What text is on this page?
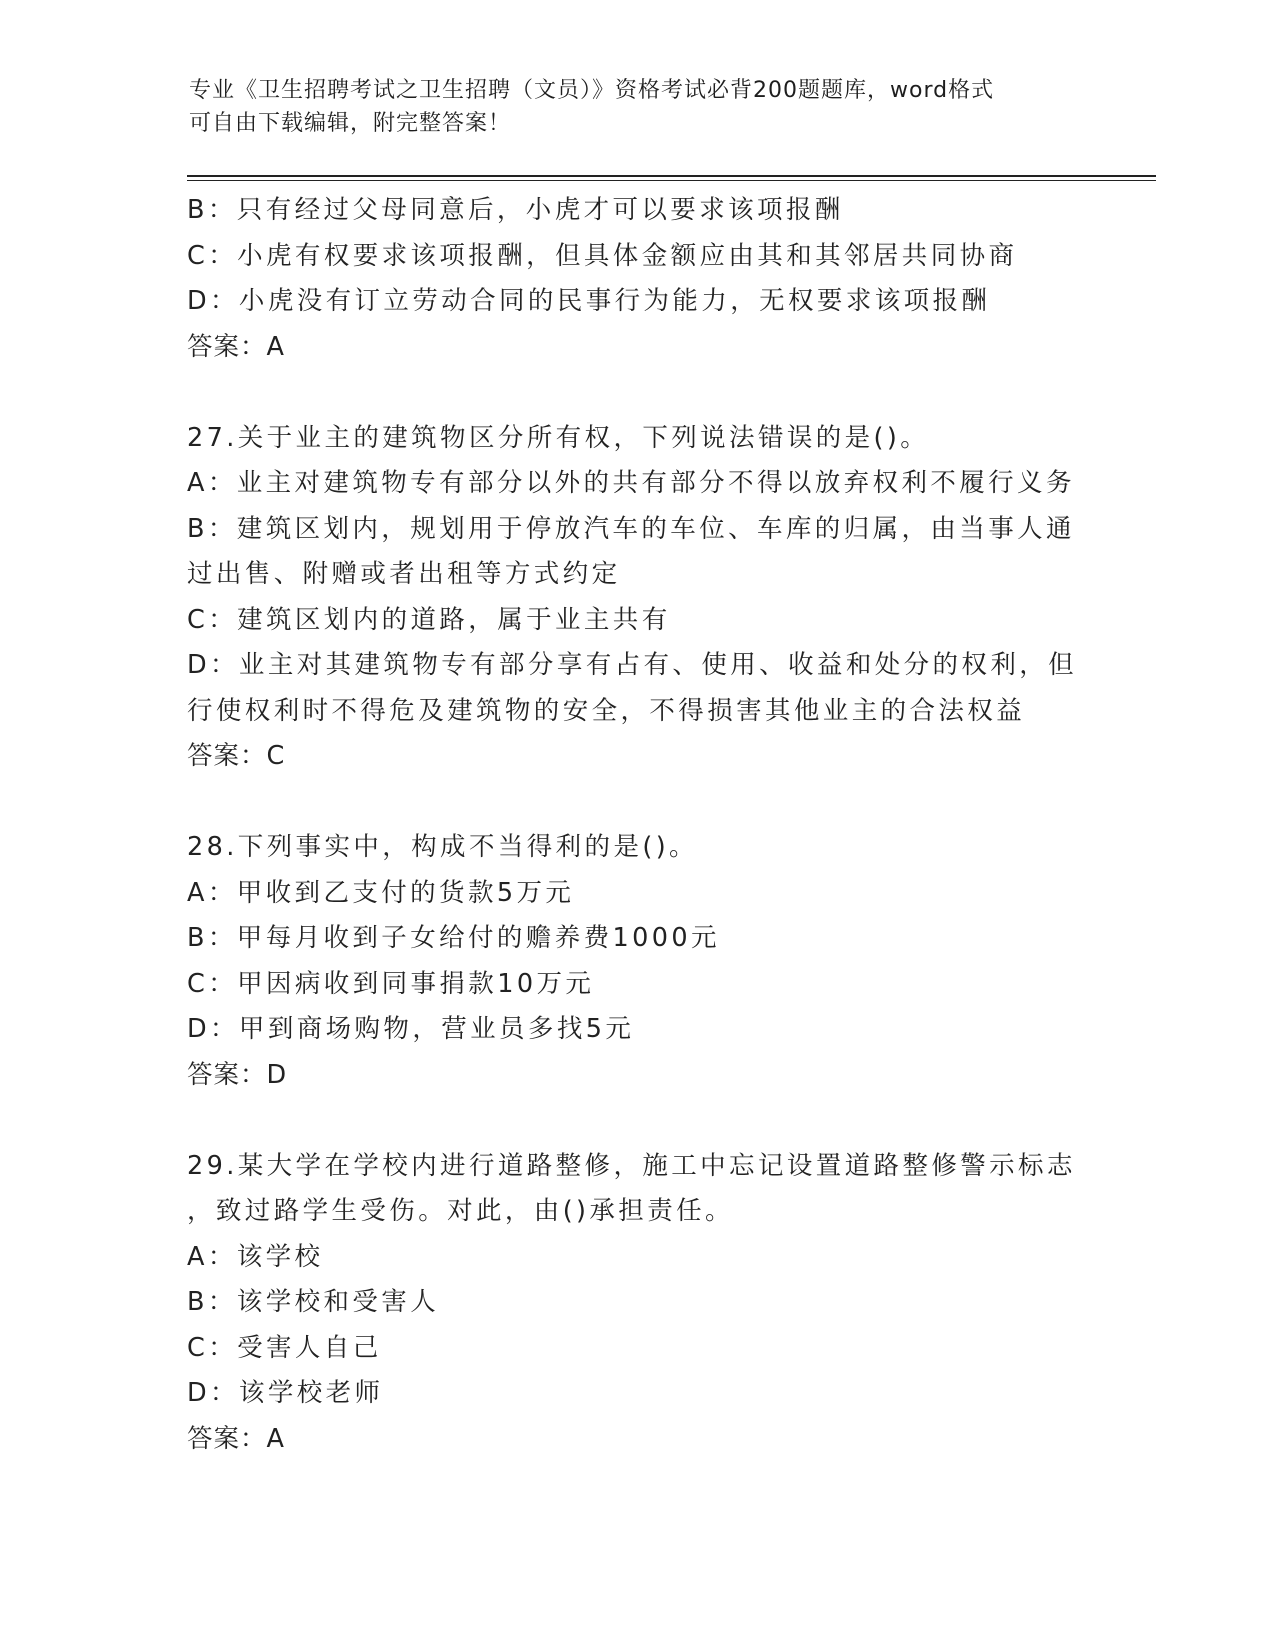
专业《卫生招聘考试之卫生招聘（文员）》资格考试必背200题题库，word格式
可自由下载编辑，附完整答案！
B：只有经过父母同意后，小虎才可以要求该项报酬
C：小虎有权要求该项报酬，但具体金额应由其和其邻居共同协商
D：小虎没有订立劳动合同的民事行为能力，无权要求该项报酬
答案：A
27.关于业主的建筑物区分所有权，下列说法错误的是()。
A：业主对建筑物专有部分以外的共有部分不得以放弃权利不履行义务
B：建筑区划内，规划用于停放汽车的车位、车库的归属，由当事人通
过出售、附赠或者出租等方式约定
C：建筑区划内的道路，属于业主共有
D：业主对其建筑物专有部分享有占有、使用、收益和处分的权利，但
行使权利时不得危及建筑物的安全，不得损害其他业主的合法权益
答案：C
28.下列事实中，构成不当得利的是()。
A：甲收到乙支付的货款5万元
B：甲每月收到子女给付的赡养费1000元
C：甲因病收到同事捐款10万元
D：甲到商场购物，营业员多找5元
答案：D
29.某大学在学校内进行道路整修，施工中忘记设置道路整修警示标志
，致过路学生受伤。对此，由()承担责任。
A：该学校
B：该学校和受害人
C：受害人自己
D：该学校老师
答案：A
